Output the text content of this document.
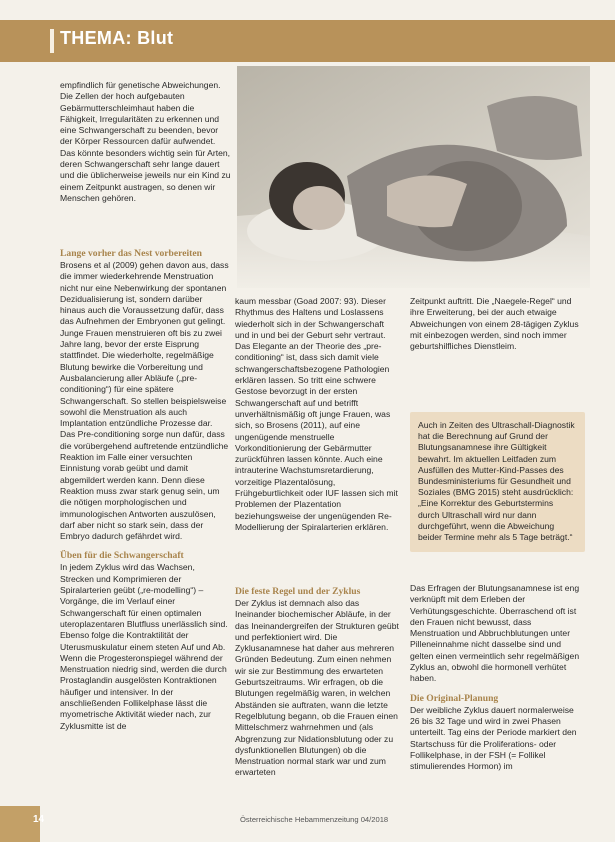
THEMA: Blut

empfindlich für genetische Abweichungen. Die Zellen der hoch aufgebauten Gebärmutterschleimhaut haben die Fähigkeit, Irregularitäten zu erkennen und eine Schwangerschaft zu beenden, bevor der Körper Ressourcen dafür aufwendet. Das könnte besonders wichtig sein für Arten, deren Schwangerschaft sehr lange dauert und die üblicherweise jeweils nur ein Kind zu einem Zeitpunkt austragen, so denen wir Menschen gehören.

Lange vorher das Nest vorbereiten

Brosens et al (2009) gehen davon aus, dass die immer wiederkehrende Menstruation nicht nur eine Nebenwirkung der spontanen Dezidualisierung ist, sondern darüber hinaus auch die Voraussetzung dafür, dass das Aufnehmen der Embryonen gut gelingt. Junge Frauen menstruieren oft bis zu zwei Jahre lang, bevor der erste Eisprung stattfindet. Die wiederholte, regelmäßige Blutung bewirke die Vorbereitung und Ausbalancierung aller Abläufe („pre-conditioning“) für eine spätere Schwangerschaft. So stellen beispielsweise sowohl die Menstruation als auch Implantation entzündliche Prozesse dar. Das Pre-conditioning sorge nun dafür, dass die vorübergehend auftretende entzündliche Reaktion im Falle einer versuchten Einnistung vorab geübt und damit abgemildert werden kann. Denn diese Reaktion muss zwar stark genug sein, um die nötigen morphologischen und immunologischen Antworten auszulösen, darf aber nicht so stark sein, dass der Embryo dadurch gefährdet wird.

Üben für die Schwangerschaft

In jedem Zyklus wird das Wachsen, Strecken und Komprimieren der Spiralarterien geübt („re-modelling“) – Vorgänge, die im Verlauf einer Schwangerschaft für einen optimalen uteroplazentaren Blutfluss unerlässlich sind. Ebenso folge die Kontraktilität der Uterusmuskulatur einem steten Auf und Ab. Wenn die Progesteronspiegel während der Menstruation niedrig sind, werden die durch Prostaglandin ausgelösten Kontraktionen häufiger und intensiver. In der anschließenden Follikelphase lässt die myometrische Aktivität wieder nach, zur Zyklusmitte ist de

kaum messbar (Goad 2007: 93). Dieser Rhythmus des Haltens und Loslassens wiederholt sich in der Schwangerschaft und in und bei der Geburt sehr vertraut.
Das Elegante an der Theorie des „pre-conditioning“ ist, dass sich damit viele schwangerschaftsbezogene Pathologien erklären lassen. So tritt eine schwere Gestose bevorzugt in der ersten Schwangerschaft auf und betrifft unverhältnismäßig oft junge Frauen, was sich, so Brosens (2011), auf eine ungenügende menstruelle Vorkonditionierung der Gebärmutter zurückführen lassen könnte. Auch eine intrauterine Wachstumsretardierung, vorzeitige Plazentalösung, Frühgeburtlichkeit oder IUF lassen sich mit Problemen der Plazentation beziehungsweise der ungenügenden Re-Modellierung der Spiralarterien erklären.

Die feste Regel und der Zyklus

Der Zyklus ist demnach also das Ineinander biochemischer Abläufe, in der das Ineinandergreifen der Strukturen geübt und perfektioniert wird. Die Zyklusanamnese hat daher aus mehreren Gründen Bedeutung. Zum einen nehmen wir sie zur Bestimmung des erwarteten Geburtszeitraums. Wir erfragen, ob die Blutungen regelmäßig waren, in welchen Abständen sie auftraten, wann die letzte Regelblutung begann, ob die Frauen einen Mittelschmerz wahrnehmen und (als Abgrenzung zur Nidationsblutung oder zu dysfunktionellen Blutungen) ob die Menstruation normal stark war und zum erwarteten

Zeitpunkt auftritt. Die „Naegele-Regel“ und ihre Erweiterung, bei der auch etwaige Abweichungen von einem 28-tägigen Zyklus mit einbezogen werden, sind noch immer geburtshilfliches Dienstleim.

Auch in Zeiten des Ultraschall-Diagnostik hat die Berechnung auf Grund der Blutungsanamnese ihre Gültigkeit bewahrt. Im aktuellen Leitfaden zum Ausfüllen des Mutter-Kind-Passes des Bundesministeriums für Gesundheit und Soziales (BMG 2015) steht ausdrücklich: „Eine Korrektur des Geburtstermins durch Ultraschall wird nur dann durchgeführt, wenn die Abweichung beider Termine mehr als 5 Tage beträgt.“

Das Erfragen der Blutungsanamnese ist eng verknüpft mit dem Erleben der Verhütungsgeschichte. Überraschend oft ist den Frauen nicht bewusst, dass Menstruation und Abbruchblutungen unter Pilleneinnahme nicht dasselbe sind und gelten einen vermeintlich sehr regelmäßigen Zyklus an, obwohl die hormonell verhütet haben.

Die Original-Planung

Der weibliche Zyklus dauert normalerweise 26 bis 32 Tage und wird in zwei Phasen unterteilt. Tag eins der Periode markiert den Startschuss für die Proliferations- oder Follikelphase, in der FSH (= Follikel stimulierendes Hormon) im

14	Österreichische Hebammenzeitung 04/2018
